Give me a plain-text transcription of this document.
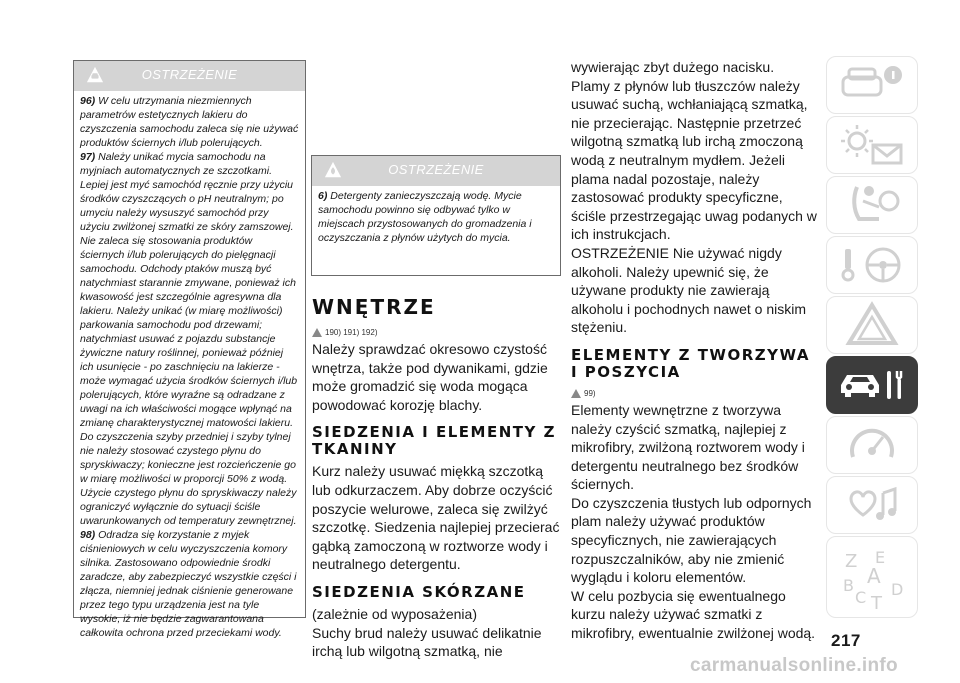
OSTRZEŻENIE

96) W celu utrzymania niezmiennych parametrów estetycznych lakieru do czyszczenia samochodu zaleca się nie używać produktów ściernych i/lub polerujących.

97) Należy unikać mycia samochodu na myjniach automatycznych ze szczotkami. Lepiej jest myć samochód ręcznie przy użyciu środków czyszczących o pH neutralnym; po umyciu należy wysuszyć samochód przy użyciu zwilżonej szmatki ze skóry zamszowej. Nie zaleca się stosowania produktów ściernych i/lub polerujących do pielęgnacji samochodu. Odchody ptaków muszą być natychmiast starannie zmywane, ponieważ ich kwasowość jest szczególnie agresywna dla lakieru. Należy unikać (w miarę możliwości) parkowania samochodu pod drzewami; natychmiast usuwać z pojazdu substancje żywiczne natury roślinnej, ponieważ później ich usunięcie - po zaschnięciu na lakierze - może wymagać użycia środków ściernych i/lub polerujących, które wyraźne są odradzane z uwagi na ich właściwości mogące wpłynąć na zmianę charakterystycznej matowości lakieru. Do czyszczenia szyby przedniej i szyby tylnej nie należy stosować czystego płynu do spryskiwaczy; konieczne jest rozcieńczenie go w miarę możliwości w proporcji 50% z wodą. Użycie czystego płynu do spryskiwaczy należy ograniczyć wyłącznie do sytuacji ściśle uwarunkowanych od temperatury zewnętrznej.

98) Odradza się korzystanie z myjek ciśnieniowych w celu wyczyszczenia komory silnika. Zastosowano odpowiednie środki zaradcze, aby zabezpieczyć wszystkie części i złącza, niemniej jednak ciśnienie generowane przez tego typu urządzenia jest na tyle wysokie, iż nie będzie zagwarantowana całkowita ochrona przed przeciekami wody.

OSTRZEŻENIE

6) Detergenty zanieczyszczają wodę. Mycie samochodu powinno się odbywać tylko w miejscach przystosowanych do gromadzenia i oczyszczania z płynów użytych do mycia.

WNĘTRZE
190) 191) 192)

Należy sprawdzać okresowo czystość wnętrza, także pod dywanikami, gdzie może gromadzić się woda mogąca powodować korozję blachy.

SIEDZENIA I ELEMENTY Z TKANINY

Kurz należy usuwać miękką szczotką lub odkurzaczem. Aby dobrze oczyścić poszycie welurowe, zaleca się zwilżyć szczotkę. Siedzenia najlepiej przecierać gąbką zamoczoną w roztworze wody i neutralnego detergentu.

SIEDZENIA SKÓRZANE

(zależnie od wyposażenia)

Suchy brud należy usuwać delikatnie irchą lub wilgotną szmatką, nie

wywierając zbyt dużego nacisku.

Plamy z płynów lub tłuszczów należy usuwać suchą, wchłaniającą szmatką, nie przecierając. Następnie przetrzeć wilgotną szmatką lub irchą zmoczoną wodą z neutralnym mydłem. Jeżeli plama nadal pozostaje, należy zastosować produkty specyficzne, ściśle przestrzegając uwag podanych w ich instrukcjach.

OSTRZEŻENIE Nie używać nigdy alkoholi. Należy upewnić się, że używane produkty nie zawierają alkoholu i pochodnych nawet o niskim stężeniu.

ELEMENTY Z TWORZYWA I POSZYCIA
99)

Elementy wewnętrzne z tworzywa należy czyścić szmatką, najlepiej z mikrofibry, zwilżoną roztworem wody i detergentu neutralnego bez środków ściernych.

Do czyszczenia tłustych lub odpornych plam należy używać produktów specyficznych, nie zawierających rozpuszczalników, aby nie zmienić wyglądu i koloru elementów.

W celu pozbycia się ewentualnego kurzu należy używać szmatki z mikrofibry, ewentualnie zwilżonej wodą.

Z E
A
B
C T
D
217
carmanualsonline.info
